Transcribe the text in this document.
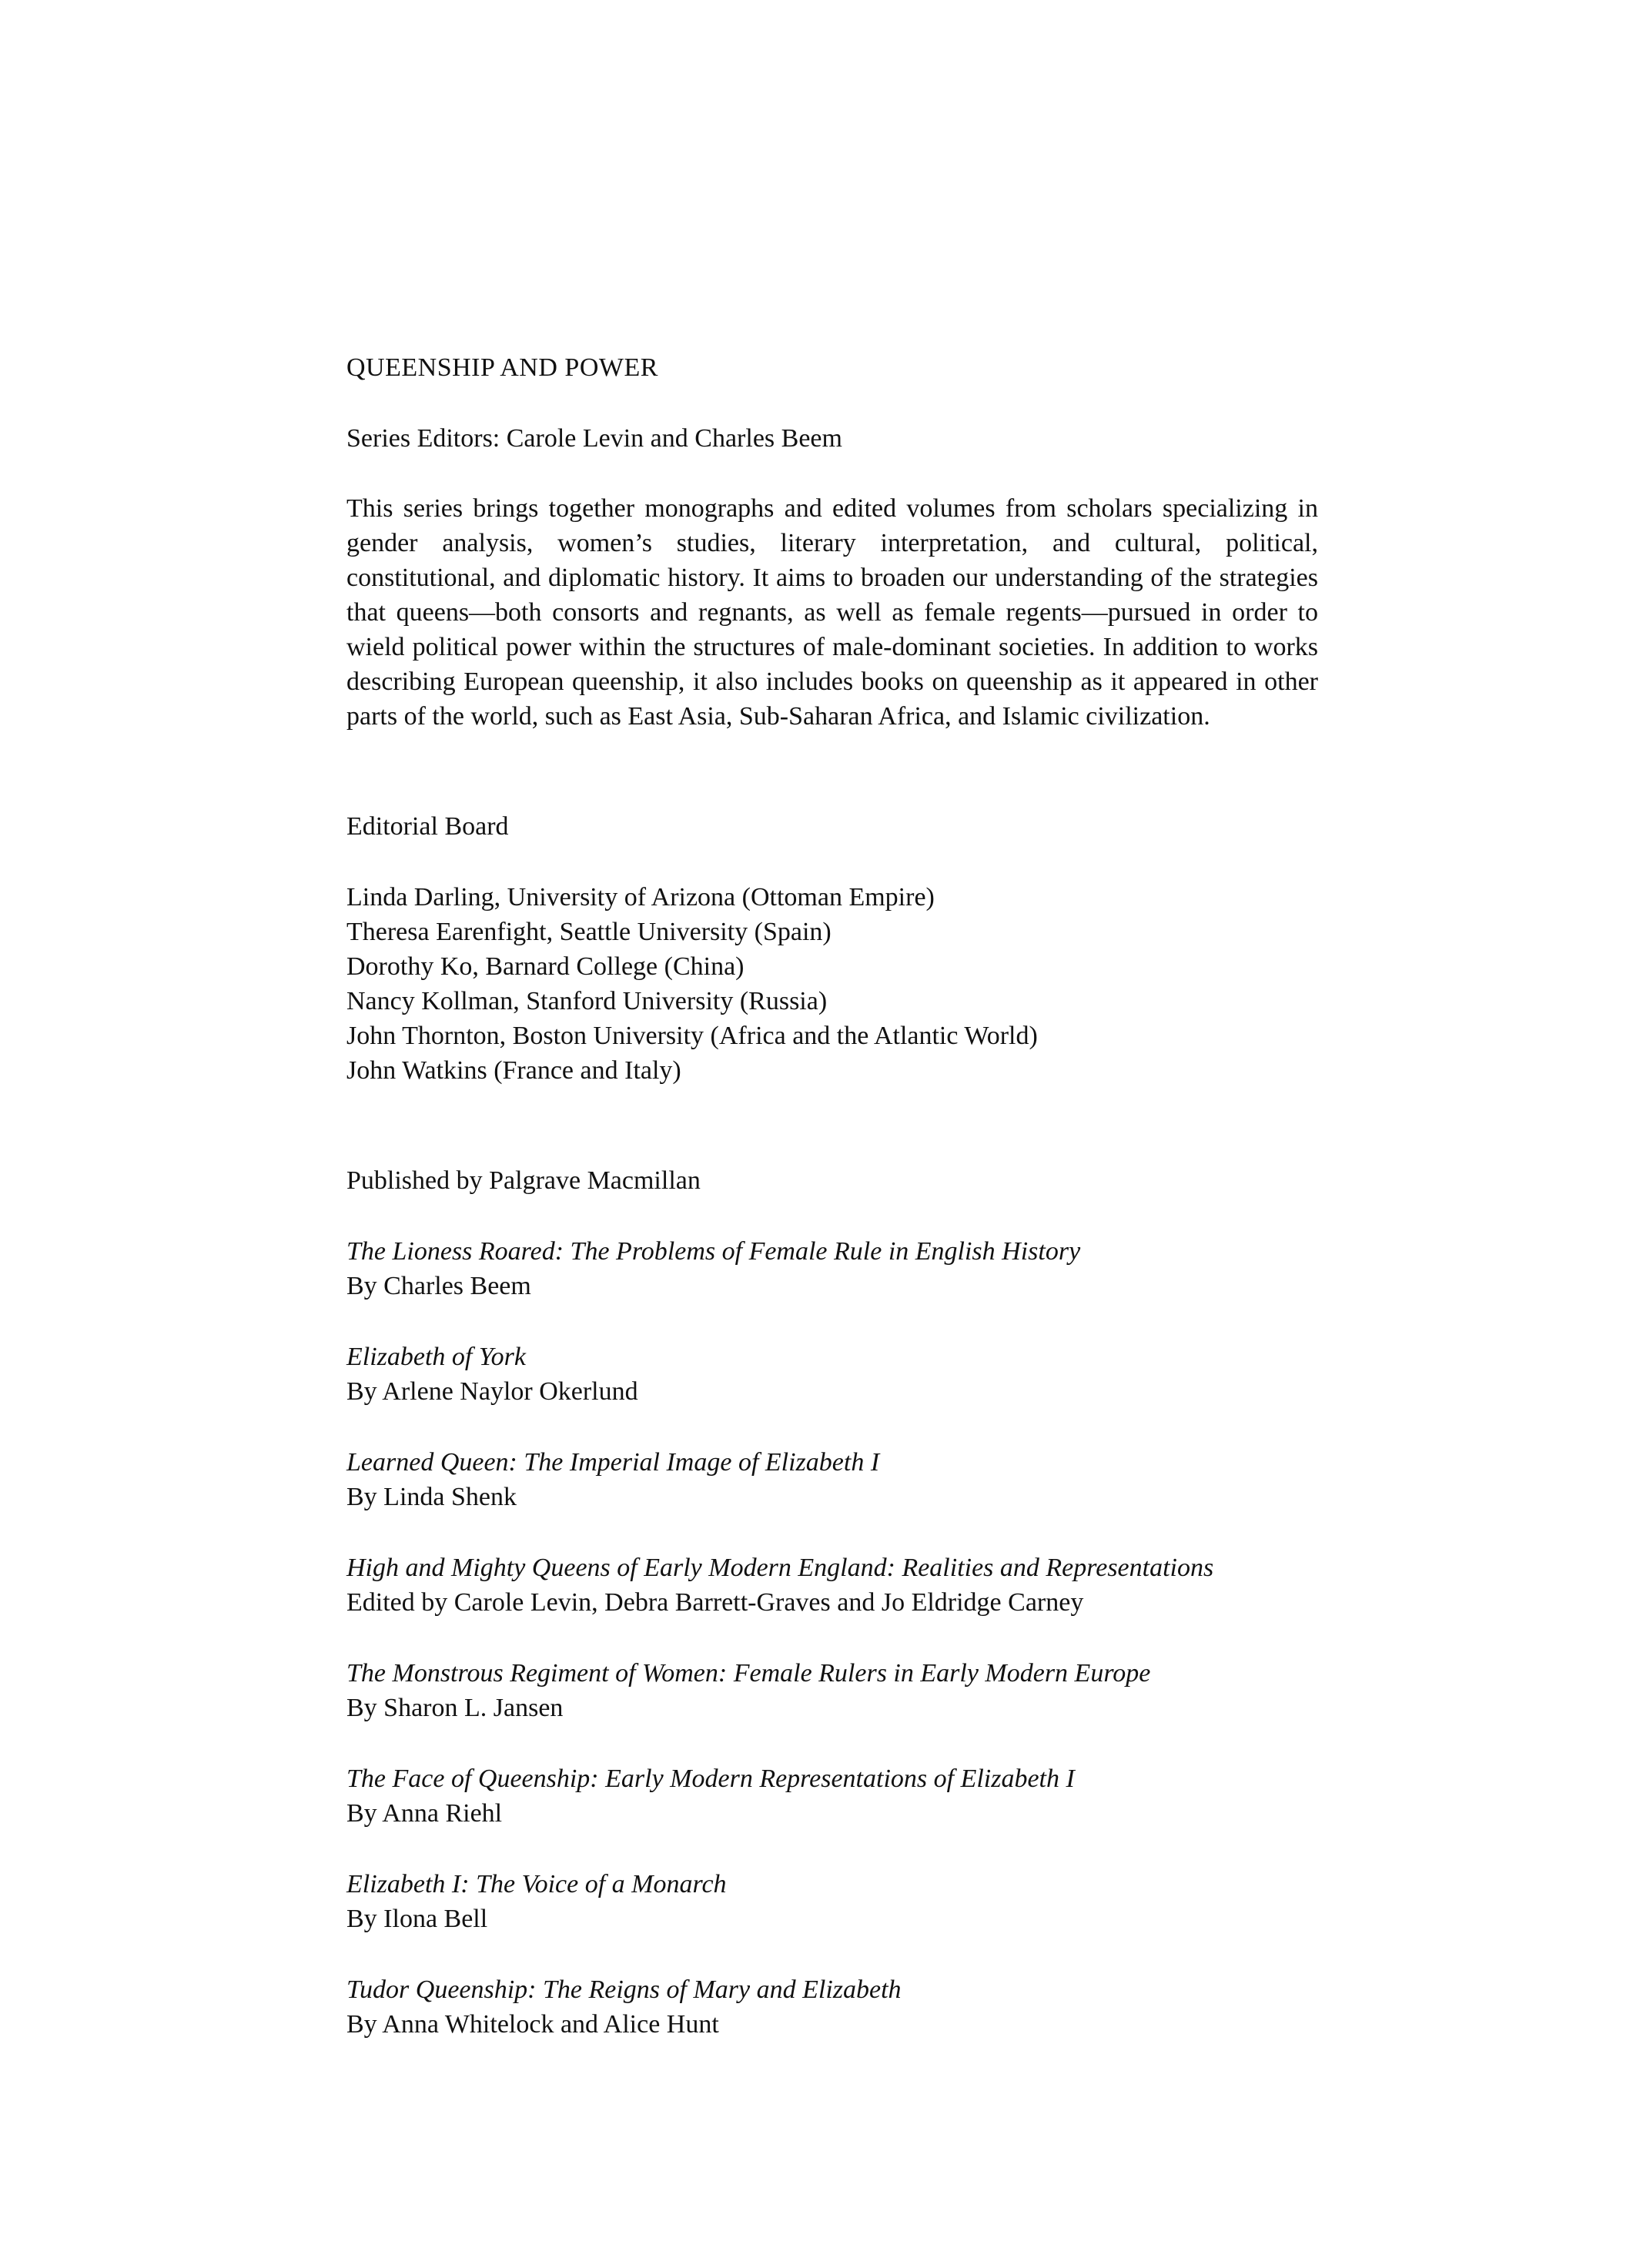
QUEENSHIP AND POWER

Series Editors: Carole Levin and Charles Beem

This series brings together monographs and edited volumes from scholars specializing in gender analysis, women’s studies, literary interpretation, and cultural, political, constitutional, and diplomatic history. It aims to broaden our understanding of the strategies that queens—both consorts and regnants, as well as female regents—pursued in order to wield political power within the structures of male-dominant societies. In addition to works describing European queenship, it also includes books on queenship as it appeared in other parts of the world, such as East Asia, Sub-Saharan Africa, and Islamic civilization.

Editorial Board

Linda Darling, University of Arizona (Ottoman Empire)
Theresa Earenfight, Seattle University (Spain)
Dorothy Ko, Barnard College (China)
Nancy Kollman, Stanford University (Russia)
John Thornton, Boston University (Africa and the Atlantic World)
John Watkins (France and Italy)

Published by Palgrave Macmillan

The Lioness Roared: The Problems of Female Rule in English History
By Charles Beem
Elizabeth of York
By Arlene Naylor Okerlund
Learned Queen: The Imperial Image of Elizabeth I
By Linda Shenk
High and Mighty Queens of Early Modern England: Realities and Representations
Edited by Carole Levin, Debra Barrett-Graves and Jo Eldridge Carney
The Monstrous Regiment of Women: Female Rulers in Early Modern Europe
By Sharon L. Jansen
The Face of Queenship: Early Modern Representations of Elizabeth I
By Anna Riehl
Elizabeth I: The Voice of a Monarch
By Ilona Bell
Tudor Queenship: The Reigns of Mary and Elizabeth
By Anna Whitelock and Alice Hunt
